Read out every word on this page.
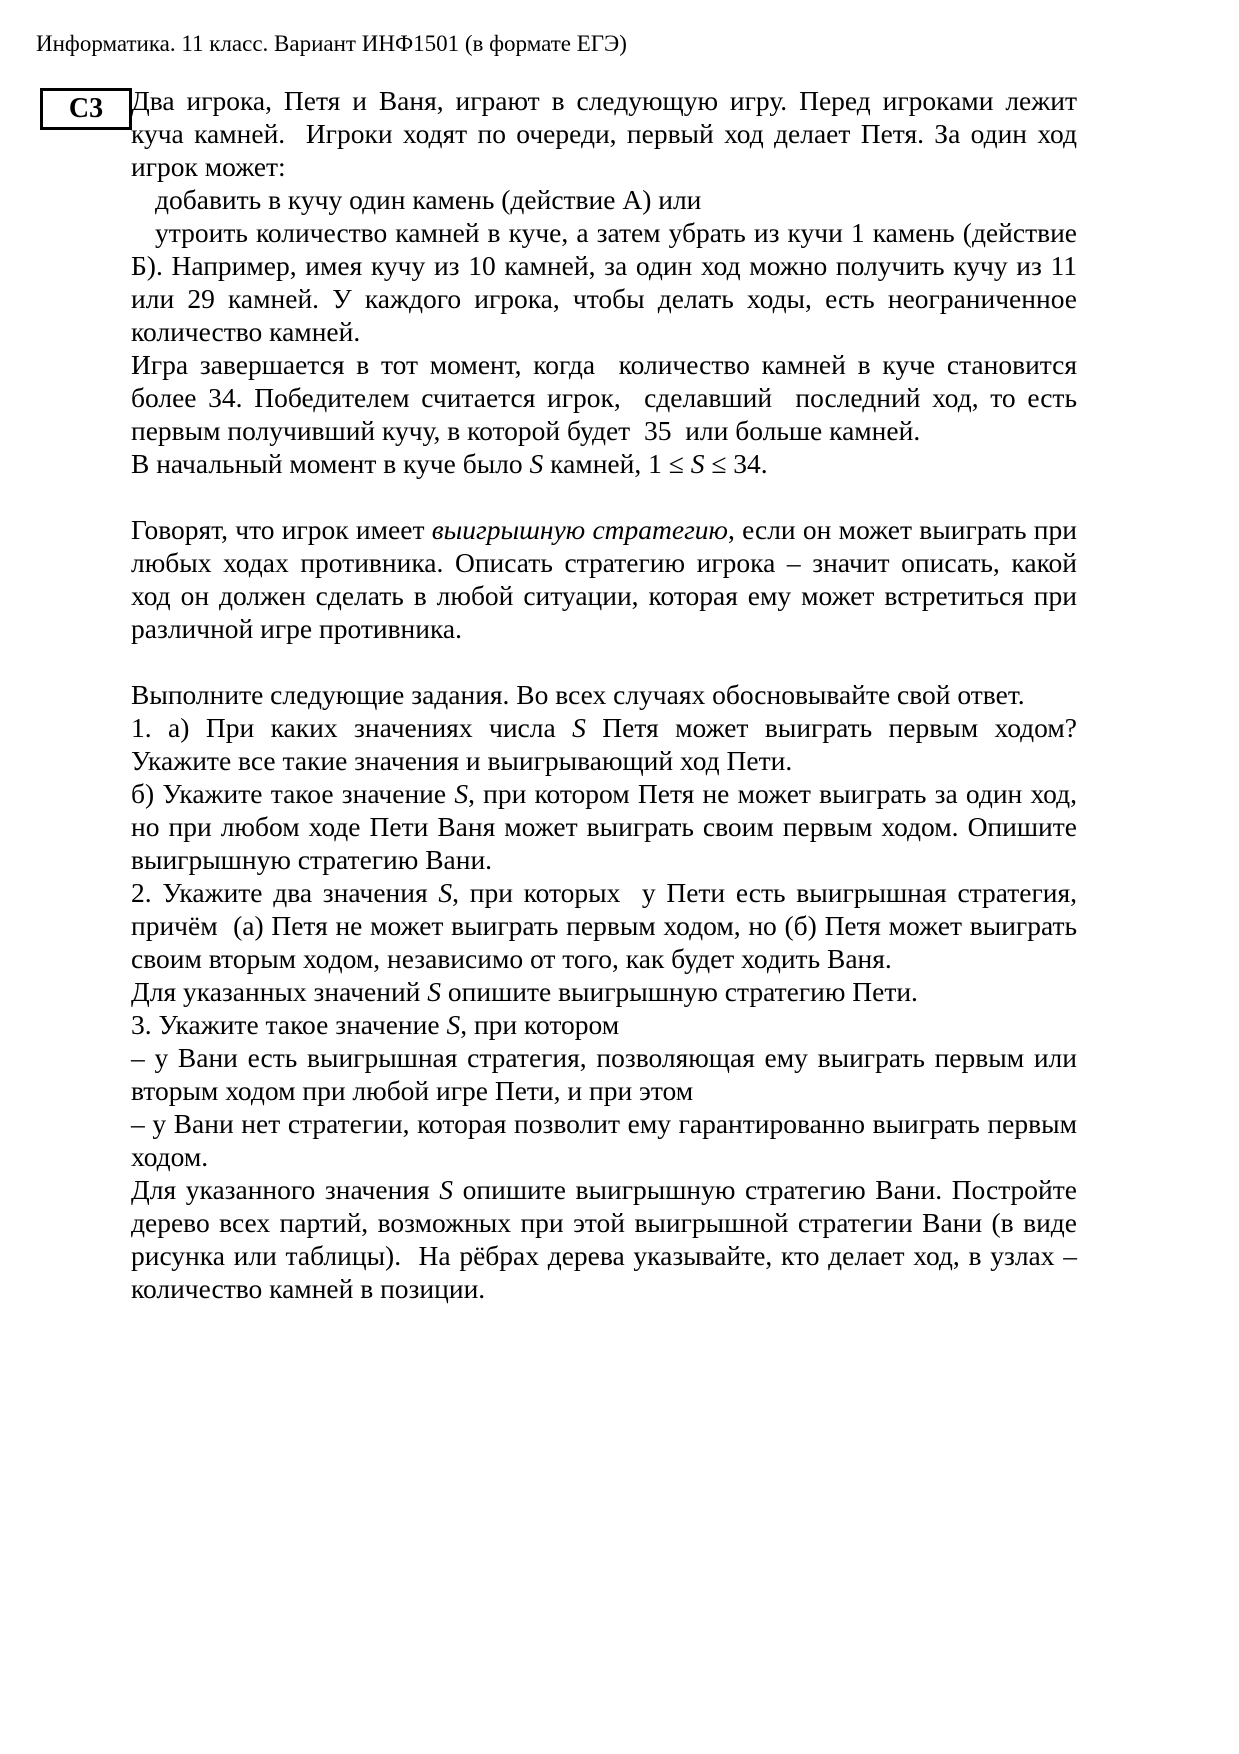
Информатика. 11 класс. Вариант ИНФ1501 (в формате ЕГЭ)
С3 Два игрока, Петя и Ваня, играют в следующую игру. Перед игроками лежит куча камней.  Игроки ходят по очереди, первый ход делает Петя. За один ход игрок может:

добавить в кучу один камень (действие А) или

утроить количество камней в куче, а затем убрать из кучи 1 камень (действие Б). Например, имея кучу из 10 камней, за один ход можно получить кучу из 11 или 29 камней. У каждого игрока, чтобы делать ходы, есть неограниченное количество камней.

Игра завершается в тот момент, когда  количество камней в куче становится более 34. Победителем считается игрок,  сделавший  последний ход, то есть первым получивший кучу, в которой будет  35  или больше камней.

В начальный момент в куче было S камней, 1 ≤ S ≤ 34.

Говорят, что игрок имеет выигрышную стратегию, если он может выиграть при любых ходах противника. Описать стратегию игрока – значит описать, какой ход он должен сделать в любой ситуации, которая ему может встретиться при различной игре противника.

Выполните следующие задания. Во всех случаях обосновывайте свой ответ.

1. а) При каких значениях числа S Петя может выиграть первым ходом? Укажите все такие значения и выигрывающий ход Пети.

б) Укажите такое значение S, при котором Петя не может выиграть за один ход, но при любом ходе Пети Ваня может выиграть своим первым ходом. Опишите выигрышную стратегию Вани.

2. Укажите два значения S, при которых  у Пети есть выигрышная стратегия, причём  (а) Петя не может выиграть первым ходом, но (б) Петя может выиграть своим вторым ходом, независимо от того, как будет ходить Ваня.

Для указанных значений S опишите выигрышную стратегию Пети.

3. Укажите такое значение S, при котором

– у Вани есть выигрышная стратегия, позволяющая ему выиграть первым или вторым ходом при любой игре Пети, и при этом

– у Вани нет стратегии, которая позволит ему гарантированно выиграть первым ходом.

Для указанного значения S опишите выигрышную стратегию Вани. Постройте дерево всех партий, возможных при этой выигрышной стратегии Вани (в виде рисунка или таблицы).  На рёбрах дерева указывайте, кто делает ход, в узлах – количество камней в позиции.
